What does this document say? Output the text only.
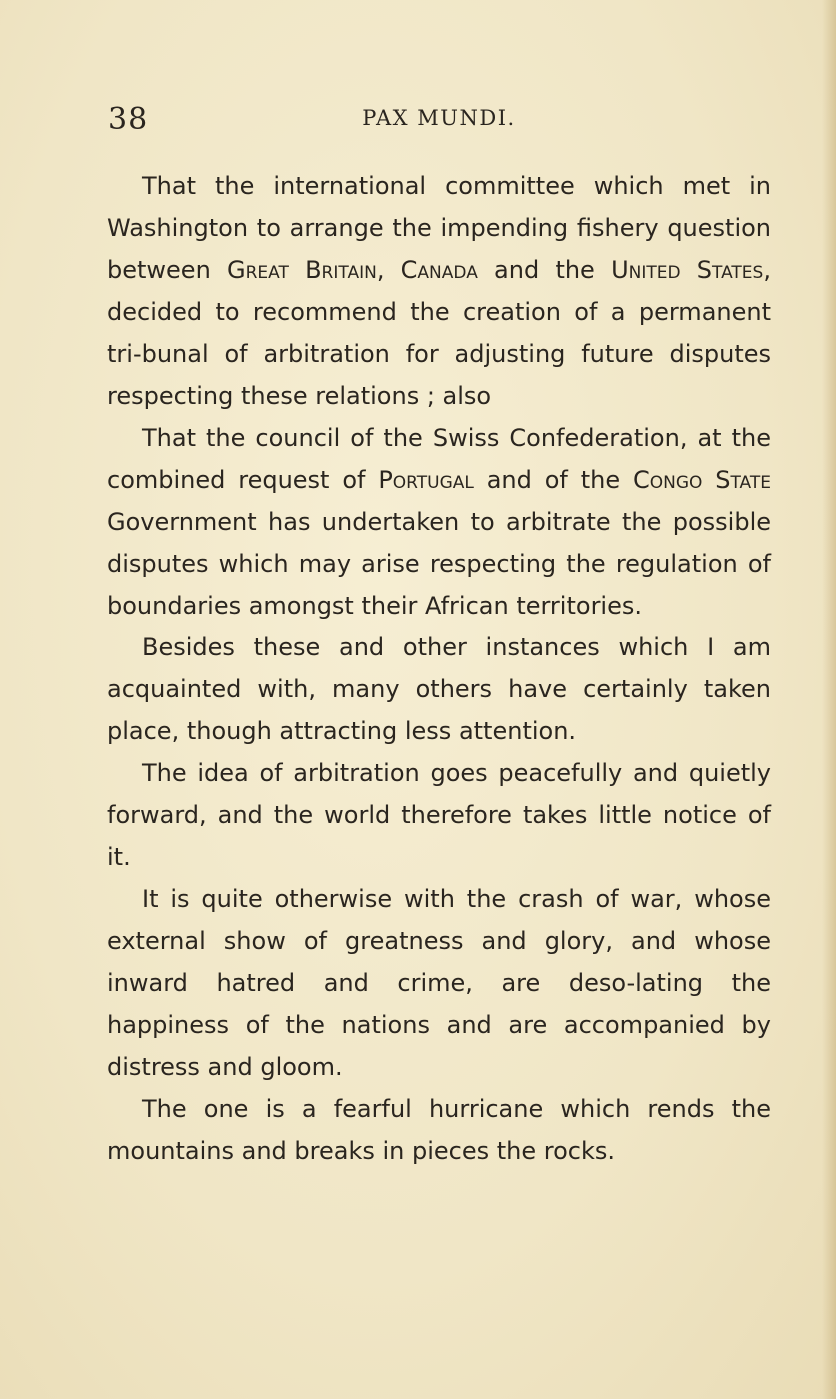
38	PAX MUNDI.

That the international committee which met in Washington to arrange the impending fishery question between Great Britain, Canada and the United States, decided to recommend the creation of a permanent tri-bunal of arbitration for adjusting future disputes respecting these relations ; also

That the council of the Swiss Confederation, at the combined request of Portugal and of the Congo State Government has undertaken to arbitrate the possible disputes which may arise respecting the regulation of boundaries amongst their African territories.

Besides these and other instances which I am acquainted with, many others have certainly taken place, though attracting less attention.

The idea of arbitration goes peacefully and quietly forward, and the world therefore takes little notice of it.

It is quite otherwise with the crash of war, whose external show of greatness and glory, and whose inward hatred and crime, are deso-lating the happiness of the nations and are accompanied by distress and gloom.

The one is a fearful hurricane which rends the mountains and breaks in pieces the rocks.
